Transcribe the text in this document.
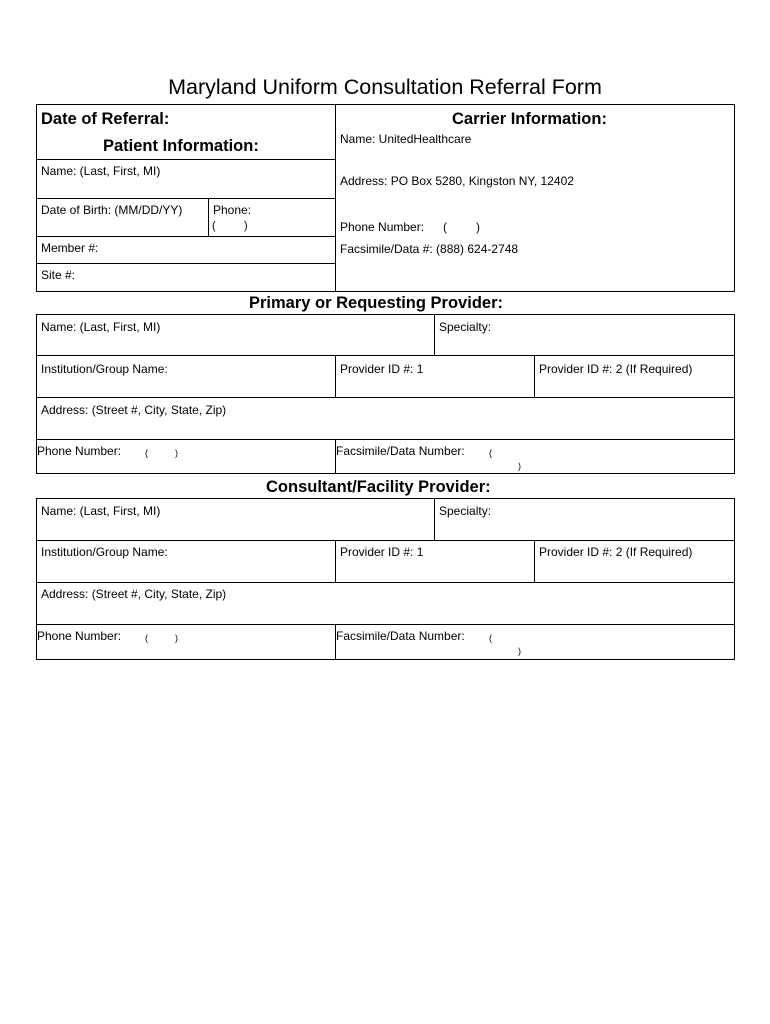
Maryland Uniform Consultation Referral Form
Date of Referral:	Carrier Information:
Patient Information:
Name: (Last, First, MI)
Date of Birth: (MM/DD/YY)	Phone:
(	)
Member #:
Site #:
Name: UnitedHealthcare
Address: PO Box 5280, Kingston NY, 12402
Phone Number: ( )
Facsimile/Data #: (888) 624-2748
Primary or Requesting Provider:
Name: (Last, First, MI)	Specialty:
Institution/Group Name:	Provider ID #: 1	Provider ID #: 2 (If Required)
Address: (Street #, City, State, Zip)
Phone Number:	(	)	Facsimile/Data Number:	(
)
Consultant/Facility Provider:
Name: (Last, First, MI)	Specialty:
Institution/Group Name:	Provider ID #: 1	Provider ID #: 2 (If Required)
Address: (Street #, City, State, Zip)
Phone Number:	(	)	Facsimile/Data Number:	(
)
